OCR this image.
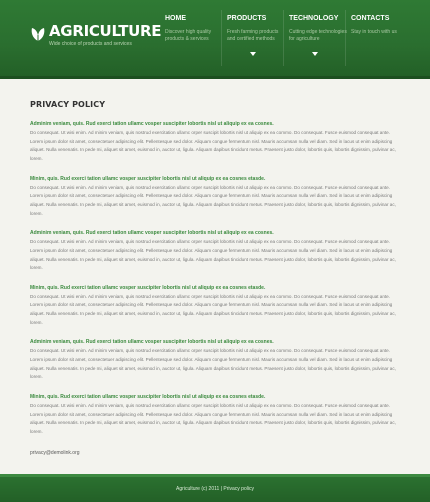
AGRICULTURE
Wide choice of products and services
HOME
Discover high quality products & services
PRODUCTS
Fresh farming products and certified methods
TECHNOLOGY
Cutting edge technologies for agriculture
CONTACTS
Stay in touch with us
PRIVACY POLICY
Adminim veniam, quis. Rud exerci tation ullamc vosper suscipiter lobortis nisl ut aliquip ex ea cosnes.
Do consequat. Ut wisi enim. Ad minim veniam, quis nostrud exercitation ullamc orper suscipit lobortis nisl ut aliquip ex ea commo. Do consequat. Fusce euismod consequat ante. Lorem ipsum dolor sit amet, consectetuer adipiscing elit. Pellentesque sed dolor. Aliquam congue fermentum nisl. Mauris accumsan nulla vel diam. Sed in lacus ut enim adipiscing aliquet. Nulla venenatis. In pede mi, aliquet sit amet, euismod in, auctor ut, ligula. Aliquam dapibus tincidunt metus. Praesent justo dolor, lobortis quis, lobortis dignissim, pulvinar ac, lorem.
Minim, quis. Rud exerci tation ullamc vosper suscipiter lobortis nisl ut aliquip ex ea cosnes etasde.
Do consequat. Ut wisi enim. Ad minim veniam, quis nostrud exercitation ullamc orper suscipit lobortis nisl ut aliquip ex ea commo. Do consequat. Fusce euismod consequat ante. Lorem ipsum dolor sit amet, consectetuer adipiscing elit. Pellentesque sed dolor. Aliquam congue fermentum nisl. Mauris accumsan nulla vel diam. Sed in lacus ut enim adipiscing aliquet. Nulla venenatis. In pede mi, aliquet sit amet, euismod in, auctor ut, ligula. Aliquam dapibus tincidunt metus. Praesent justo dolor, lobortis quis, lobortis dignissim, pulvinar ac, lorem.
Adminim veniam, quis. Rud exerci tation ullamc vosper suscipiter lobortis nisl ut aliquip ex ea cosnes.
Do consequat. Ut wisi enim. Ad minim veniam, quis nostrud exercitation ullamc orper suscipit lobortis nisl ut aliquip ex ea commo. Do consequat. Fusce euismod consequat ante. Lorem ipsum dolor sit amet, consectetuer adipiscing elit. Pellentesque sed dolor. Aliquam congue fermentum nisl. Mauris accumsan nulla vel diam. Sed in lacus ut enim adipiscing aliquet. Nulla venenatis. In pede mi, aliquet sit amet, euismod in, auctor ut, ligula. Aliquam dapibus tincidunt metus. Praesent justo dolor, lobortis quis, lobortis dignissim, pulvinar ac, lorem.
Minim, quis. Rud exerci tation ullamc vosper suscipiter lobortis nisl ut aliquip ex ea cosnes etasde.
Do consequat. Ut wisi enim. Ad minim veniam, quis nostrud exercitation ullamc orper suscipit lobortis nisl ut aliquip ex ea commo. Do consequat. Fusce euismod consequat ante. Lorem ipsum dolor sit amet, consectetuer adipiscing elit. Pellentesque sed dolor. Aliquam congue fermentum nisl. Mauris accumsan nulla vel diam. Sed in lacus ut enim adipiscing aliquet. Nulla venenatis. In pede mi, aliquet sit amet, euismod in, auctor ut, ligula. Aliquam dapibus tincidunt metus. Praesent justo dolor, lobortis quis, lobortis dignissim, pulvinar ac, lorem.
Adminim veniam, quis. Rud exerci tation ullamc vosper suscipiter lobortis nisl ut aliquip ex ea cosnes.
Do consequat. Ut wisi enim. Ad minim veniam, quis nostrud exercitation ullamc orper suscipit lobortis nisl ut aliquip ex ea commo. Do consequat. Fusce euismod consequat ante. Lorem ipsum dolor sit amet, consectetuer adipiscing elit. Pellentesque sed dolor. Aliquam congue fermentum nisl. Mauris accumsan nulla vel diam. Sed in lacus ut enim adipiscing aliquet. Nulla venenatis. In pede mi, aliquet sit amet, euismod in, auctor ut, ligula. Aliquam dapibus tincidunt metus. Praesent justo dolor, lobortis quis, lobortis dignissim, pulvinar ac, lorem.
Minim, quis. Rud exerci tation ullamc vosper suscipiter lobortis nisl ut aliquip ex ea cosnes etasde.
Do consequat. Ut wisi enim. Ad minim veniam, quis nostrud exercitation ullamc orper suscipit lobortis nisl ut aliquip ex ea commo. Do consequat. Fusce euismod consequat ante. Lorem ipsum dolor sit amet, consectetuer adipiscing elit. Pellentesque sed dolor. Aliquam congue fermentum nisl. Mauris accumsan nulla vel diam. Sed in lacus ut enim adipiscing aliquet. Nulla venenatis. In pede mi, aliquet sit amet, euismod in, auctor ut, ligula. Aliquam dapibus tincidunt metus. Praesent justo dolor, lobortis quis, lobortis dignissim, pulvinar ac, lorem.
privacy@demolink.org
Agriculture (c) 2011 | Privacy policy
